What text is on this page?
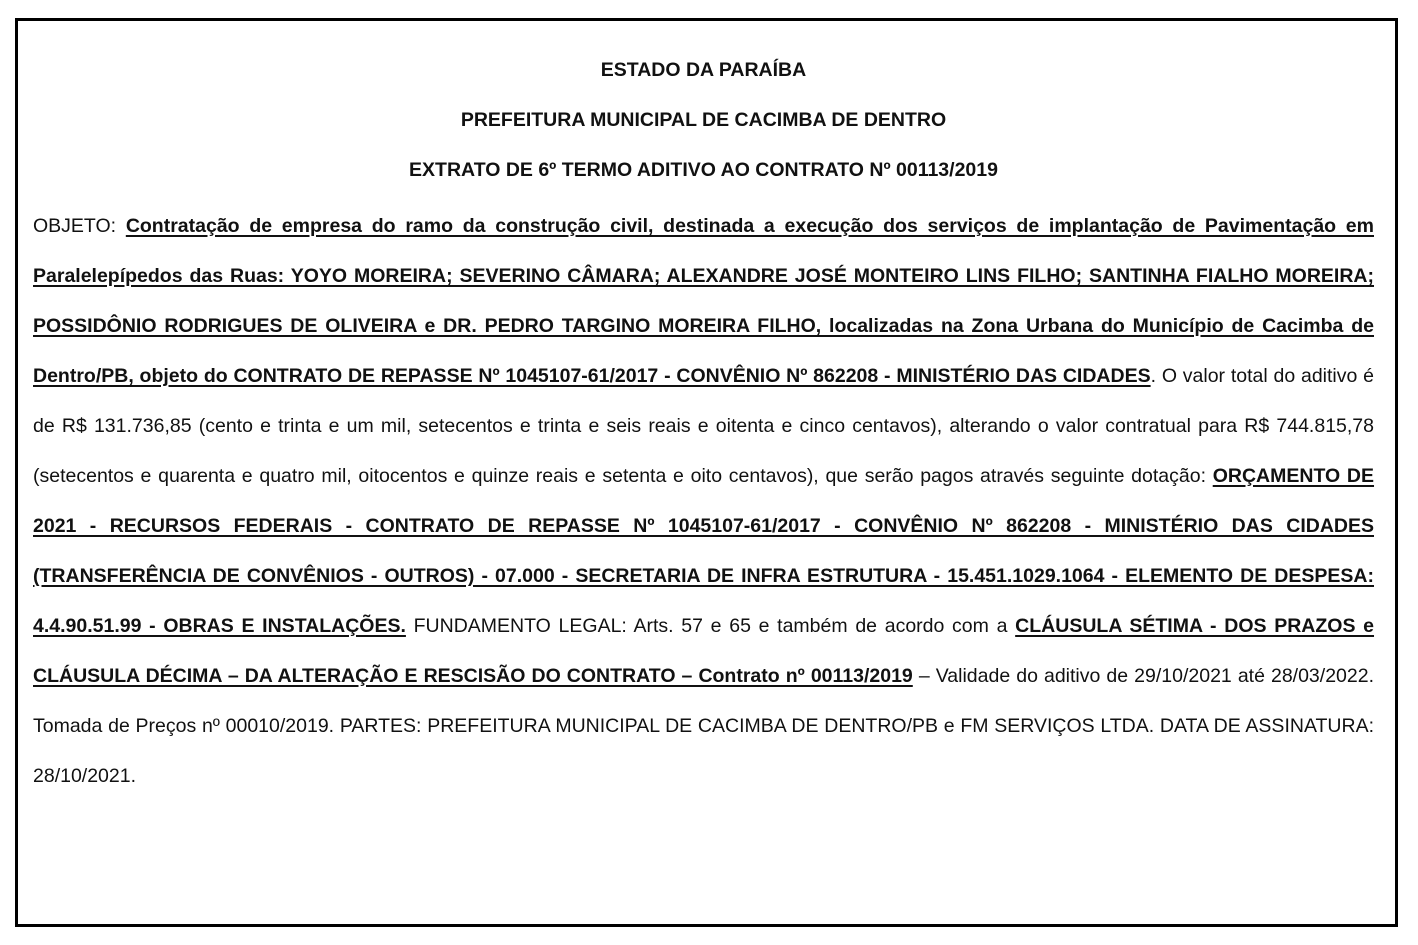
ESTADO DA PARAÍBA

PREFEITURA MUNICIPAL DE CACIMBA DE DENTRO

EXTRATO DE 6º TERMO ADITIVO AO CONTRATO Nº 00113/2019

OBJETO: Contratação de empresa do ramo da construção civil, destinada a execução dos serviços de implantação de Pavimentação em Paralelepípedos das Ruas: YOYO MOREIRA; SEVERINO CÂMARA; ALEXANDRE JOSÉ MONTEIRO LINS FILHO; SANTINHA FIALHO MOREIRA; POSSIDÔNIO RODRIGUES DE OLIVEIRA e DR. PEDRO TARGINO MOREIRA FILHO, localizadas na Zona Urbana do Município de Cacimba de Dentro/PB, objeto do CONTRATO DE REPASSE Nº 1045107-61/2017 - CONVÊNIO Nº 862208 - MINISTÉRIO DAS CIDADES. O valor total do aditivo é de R$ 131.736,85 (cento e trinta e um mil, setecentos e trinta e seis reais e oitenta e cinco centavos), alterando o valor contratual para R$ 744.815,78 (setecentos e quarenta e quatro mil, oitocentos e quinze reais e setenta e oito centavos), que serão pagos através seguinte dotação: ORÇAMENTO DE 2021 - RECURSOS FEDERAIS - CONTRATO DE REPASSE Nº 1045107-61/2017 - CONVÊNIO Nº 862208 - MINISTÉRIO DAS CIDADES (TRANSFERÊNCIA DE CONVÊNIOS - OUTROS) - 07.000 - SECRETARIA DE INFRA ESTRUTURA - 15.451.1029.1064 - ELEMENTO DE DESPESA: 4.4.90.51.99 - OBRAS E INSTALAÇÕES. FUNDAMENTO LEGAL: Arts. 57 e 65 e também de acordo com a CLÁUSULA SÉTIMA - DOS PRAZOS e CLÁUSULA DÉCIMA – DA ALTERAÇÃO E RESCISÃO DO CONTRATO – Contrato nº 00113/2019 – Validade do aditivo de 29/10/2021 até 28/03/2022. Tomada de Preços nº 00010/2019. PARTES: PREFEITURA MUNICIPAL DE CACIMBA DE DENTRO/PB e FM SERVIÇOS LTDA. DATA DE ASSINATURA: 28/10/2021.
